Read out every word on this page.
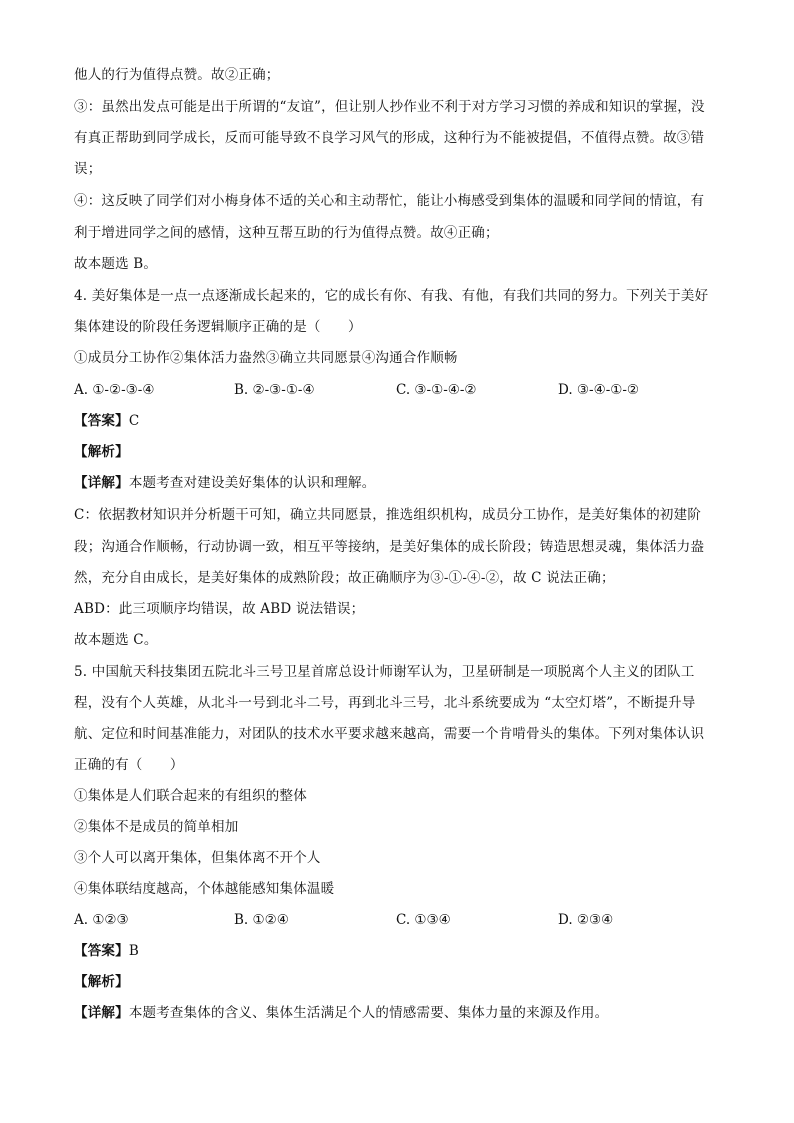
他人的行为值得点赞。故②正确；
③：虽然出发点可能是出于所谓的“友谊”，但让别人抄作业不利于对方学习习惯的养成和知识的掌握，没
有真正帮助到同学成长，反而可能导致不良学习风气的形成，这种行为不能被提倡，不值得点赞。故③错
误；
④：这反映了同学们对小梅身体不适的关心和主动帮忙，能让小梅感受到集体的温暖和同学间的情谊，有
利于增进同学之间的感情，这种互帮互助的行为值得点赞。故④正确；
故本题选 B。
4. 美好集体是一点一点逐渐成长起来的，它的成长有你、有我、有他，有我们共同的努力。下列关于美好
集体建设的阶段任务逻辑顺序正确的是（　　）
①成员分工协作②集体活力盎然③确立共同愿景④沟通合作顺畅
A. ①-②-③-④	B. ②-③-①-④	C. ③-①-④-②	D. ③-④-①-②
【答案】C
【解析】
【详解】本题考查对建设美好集体的认识和理解。
C：依据教材知识并分析题干可知，确立共同愿景，推选组织机构，成员分工协作，是美好集体的初建阶
段；沟通合作顺畅，行动协调一致，相互平等接纳，是美好集体的成长阶段；铸造思想灵魂，集体活力盎
然，充分自由成长，是美好集体的成熟阶段；故正确顺序为③-①-④-②，故 C 说法正确；
ABD：此三项顺序均错误，故 ABD 说法错误；
故本题选 C。
5. 中国航天科技集团五院北斗三号卫星首席总设计师谢军认为，卫星研制是一项脱离个人主义的团队工
程，没有个人英雄，从北斗一号到北斗二号，再到北斗三号，北斗系统要成为 “太空灯塔”，不断提升导
航、定位和时间基准能力，对团队的技术水平要求越来越高，需要一个肯啃骨头的集体。下列对集体认识
正确的有（　　）
①集体是人们联合起来的有组织的整体
②集体不是成员的简单相加
③个人可以离开集体，但集体离不开个人
④集体联结度越高，个体越能感知集体温暖
A. ①②③	B. ①②④	C. ①③④	D. ②③④
【答案】B
【解析】
【详解】本题考查集体的含义、集体生活满足个人的情感需要、集体力量的来源及作用。
